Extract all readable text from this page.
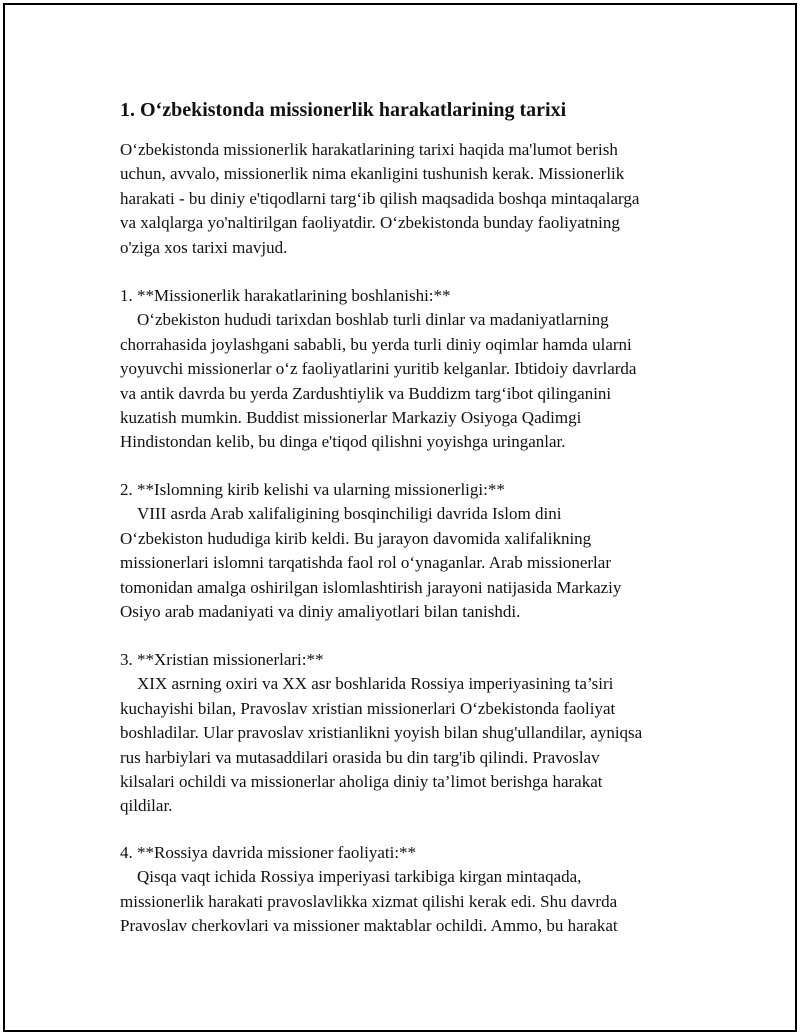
1. O‘zbekistonda missionerlik harakatlarining tarixi
O‘zbekistonda missionerlik harakatlarining tarixi haqida ma'lumot berish
uchun, avvalo, missionerlik nima ekanligini tushunish kerak. Missionerlik
harakati - bu diniy e'tiqodlarni targ‘ib qilish maqsadida boshqa mintaqalarga
va xalqlarga yo'naltirilgan faoliyatdir. O‘zbekistonda bunday faoliyatning
o'ziga xos tarixi mavjud.
1. **Missionerlik harakatlarining boshlanishi:**
O‘zbekiston hududi tarixdan boshlab turli dinlar va madaniyatlarning
chorrahasida joylashgani sababli, bu yerda turli diniy oqimlar hamda ularni
yoyuvchi missionerlar o‘z faoliyatlarini yuritib kelganlar. Ibtidoiy davrlarda
va antik davrda bu yerda Zardushtiylik va Buddizm targ‘ibot qilinganini
kuzatish mumkin. Buddist missionerlar Markaziy Osiyoga Qadimgi
Hindistondan kelib, bu dinga e'tiqod qilishni yoyishga uringanlar.
2. **Islomning kirib kelishi va ularning missionerligi:**
VIII asrda Arab xalifaligining bosqinchiligi davrida Islom dini
O‘zbekiston hududiga kirib keldi. Bu jarayon davomida xalifalikning
missionerlari islomni tarqatishda faol rol o‘ynaganlar. Arab missionerlar
tomonidan amalga oshirilgan islomlashtirish jarayoni natijasida Markaziy
Osiyo arab madaniyati va diniy amaliyotlari bilan tanishdi.
3. **Xristian missionerlari:**
XIX asrning oxiri va XX asr boshlarida Rossiya imperiyasining ta’siri
kuchayishi bilan, Pravoslav xristian missionerlari O‘zbekistonda faoliyat
boshladilar. Ular pravoslav xristianlikni yoyish bilan shug'ullandilar, ayniqsa
rus harbiylari va mutasaddilari orasida bu din targ'ib qilindi. Pravoslav
kilsalari ochildi va missionerlar aholiga diniy ta’limot berishga harakat
qildilar.
4. **Rossiya davrida missioner faoliyati:**
Qisqa vaqt ichida Rossiya imperiyasi tarkibiga kirgan mintaqada,
missionerlik harakati pravoslavlikka xizmat qilishi kerak edi. Shu davrda
Pravoslav cherkovlari va missioner maktablar ochildi. Ammo, bu harakat
